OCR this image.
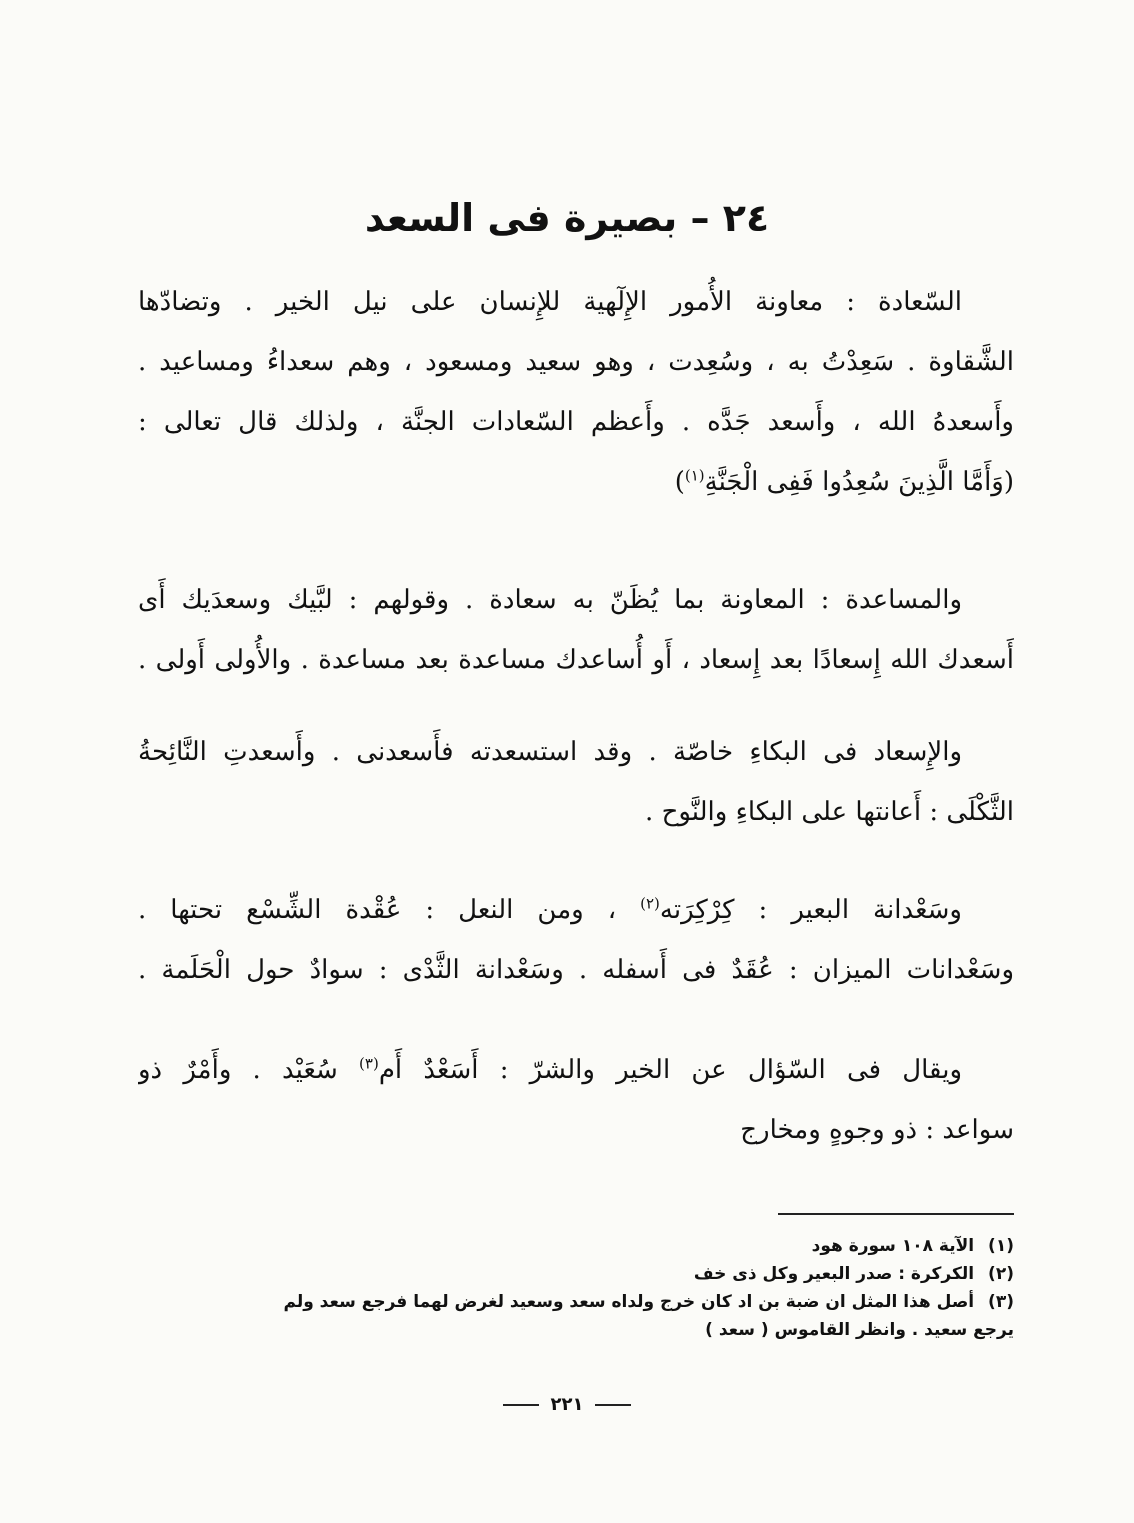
٢٤ – بصيرة فى السعد

السّعادة : معاونة الأُمور الإِلٓهية للإِنسان على نيل الخير . وتضادّها

الشَّقاوة . سَعِدْتُ به ، وسُعِدت ، وهو سعيد ومسعود ، وهم سعداءُ ومساعيد .

وأَسعدهُ الله ، وأَسعد جَدَّه . وأَعظم السّعادات الجنَّة ، ولذلك قال تعالى :

(وَأَمَّا الَّذِينَ سُعِدُوا فَفِى الْجَنَّةِ$^{(١)}$)

والمساعدة : المعاونة بما يُظَنّ به سعادة . وقولهم : لبَّيك وسعدَيك أَى

أَسعدك الله إِسعادًا بعد إِسعاد ، أَو أُساعدك مساعدة بعد مساعدة . والأُولى أَولى .

والإِسعاد فى البكاءِ خاصّة . وقد استسعدته فأَسعدنى . وأَسعدتِ النَّائِحةُ

الثَّكْلَى : أَعانتها على البكاءِ والنَّوح .

وسَعْدانة البعير : كِرْكِرَته$^{(٢)}$ ، ومن النعل : عُقْدة الشِّسْع تحتها .

وسَعْدانات الميزان : عُقَدٌ فى أَسفله . وسَعْدانة الثَّدْى : سوادٌ حول الْحَلَمة .

ويقال فى السّؤال عن الخير والشرّ : أَسَعْدٌ أَم$^{(٣)}$ سُعَيْد . وأَمْرٌ ذو

سواعد : ذو وجوهٍ ومخارج

(١) الآية ١٠٨ سورة هود

(٢) الكركرة : صدر البعير وكل ذى خف

(٣) أصل هذا المثل ان ضبة بن اد كان خرج ولداه سعد وسعيد لغرض لهما فرجع سعد ولم

يرجع سعيد . وانظر القاموس ( سعد )

٢٢١
